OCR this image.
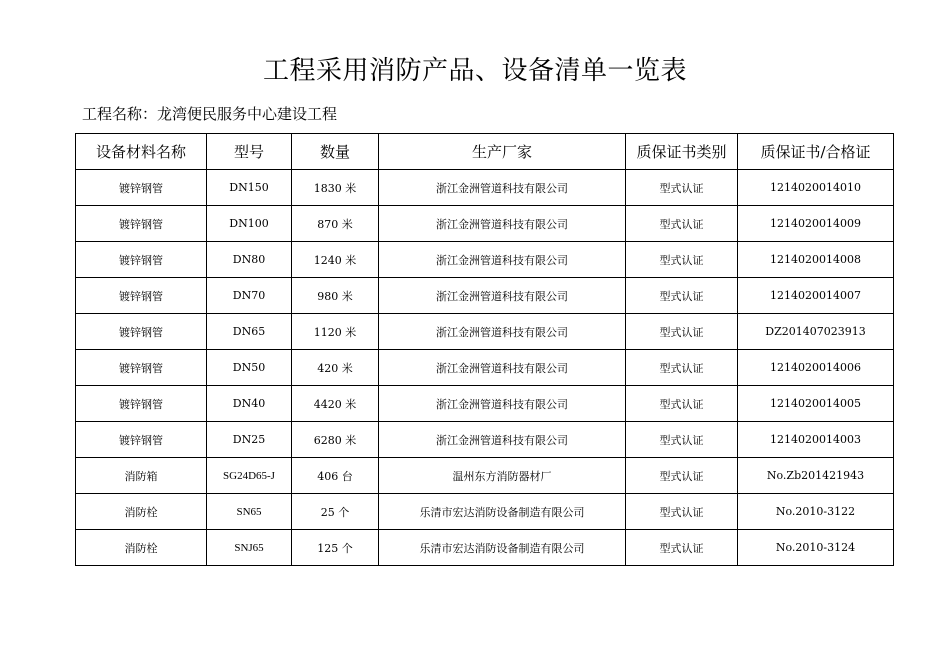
工程采用消防产品、设备清单一览表
工程名称：龙湾便民服务中心建设工程
设备材料名称	型号	数量	生产厂家	质保证书类别	质保证书/合格证
镀锌钢管	DN150	1830 米	浙江金洲管道科技有限公司	型式认证	1214020014010
镀锌钢管	DN100	870 米	浙江金洲管道科技有限公司	型式认证	1214020014009
镀锌钢管	DN80	1240 米	浙江金洲管道科技有限公司	型式认证	1214020014008
镀锌钢管	DN70	980 米	浙江金洲管道科技有限公司	型式认证	1214020014007
镀锌钢管	DN65	1120 米	浙江金洲管道科技有限公司	型式认证	DZ201407023913
镀锌钢管	DN50	420 米	浙江金洲管道科技有限公司	型式认证	1214020014006
镀锌钢管	DN40	4420 米	浙江金洲管道科技有限公司	型式认证	1214020014005
镀锌钢管	DN25	6280 米	浙江金洲管道科技有限公司	型式认证	1214020014003
消防箱	SG24D65-J	406 台	温州东方消防器材厂	型式认证	No.Zb201421943
消防栓	SN65	25 个	乐清市宏达消防设备制造有限公司	型式认证	No.2010-3122
消防栓	SNJ65	125 个	乐清市宏达消防设备制造有限公司	型式认证	No.2010-3124
